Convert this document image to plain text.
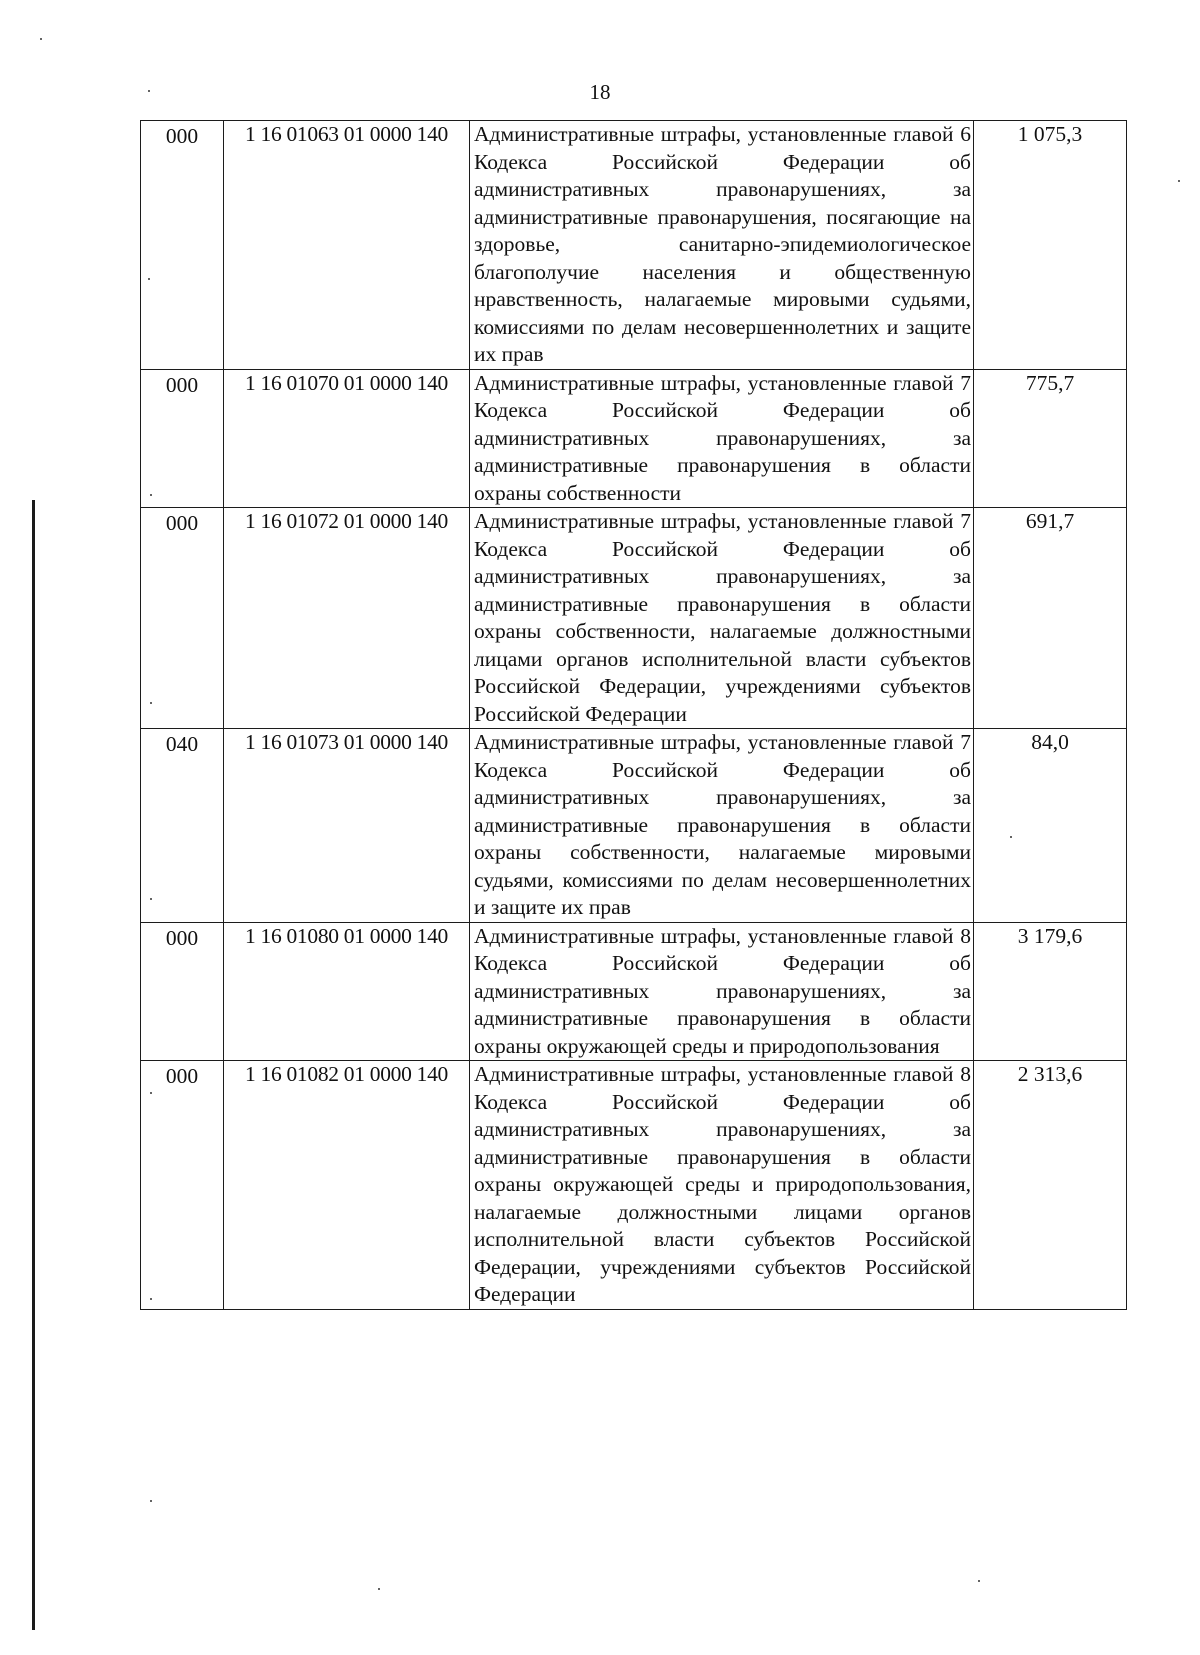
18
000	1 16 01063 01 0000 140	Административные штрафы, установленные главой 6 Кодекса Российской Федерации об административных правонарушениях, за административные правонарушения, посягающие на здоровье, санитарно-эпидемиологическое благополучие населения и общественную нравственность, налагаемые мировыми судьями, комиссиями по делам несовершеннолетних и защите их прав	1 075,3
000	1 16 01070 01 0000 140	Административные штрафы, установленные главой 7 Кодекса Российской Федерации об административных правонарушениях, за административные правонарушения в области охраны собственности	775,7
000	1 16 01072 01 0000 140	Административные штрафы, установленные главой 7 Кодекса Российской Федерации об административных правонарушениях, за административные правонарушения в области охраны собственности, налагаемые должностными лицами органов исполнительной власти субъектов Российской Федерации, учреждениями субъектов Российской Федерации	691,7
040	1 16 01073 01 0000 140	Административные штрафы, установленные главой 7 Кодекса Российской Федерации об административных правонарушениях, за административные правонарушения в области охраны собственности, налагаемые мировыми судьями, комиссиями по делам несовершеннолетних и защите их прав	84,0
000	1 16 01080 01 0000 140	Административные штрафы, установленные главой 8 Кодекса Российской Федерации об административных правонарушениях, за административные правонарушения в области охраны окружающей среды и природопользования	3 179,6
000	1 16 01082 01 0000 140	Административные штрафы, установленные главой 8 Кодекса Российской Федерации об административных правонарушениях, за административные правонарушения в области охраны окружающей среды и природопользования, налагаемые должностными лицами органов исполнительной власти субъектов Российской Федерации, учреждениями субъектов Российской Федерации	2 313,6
